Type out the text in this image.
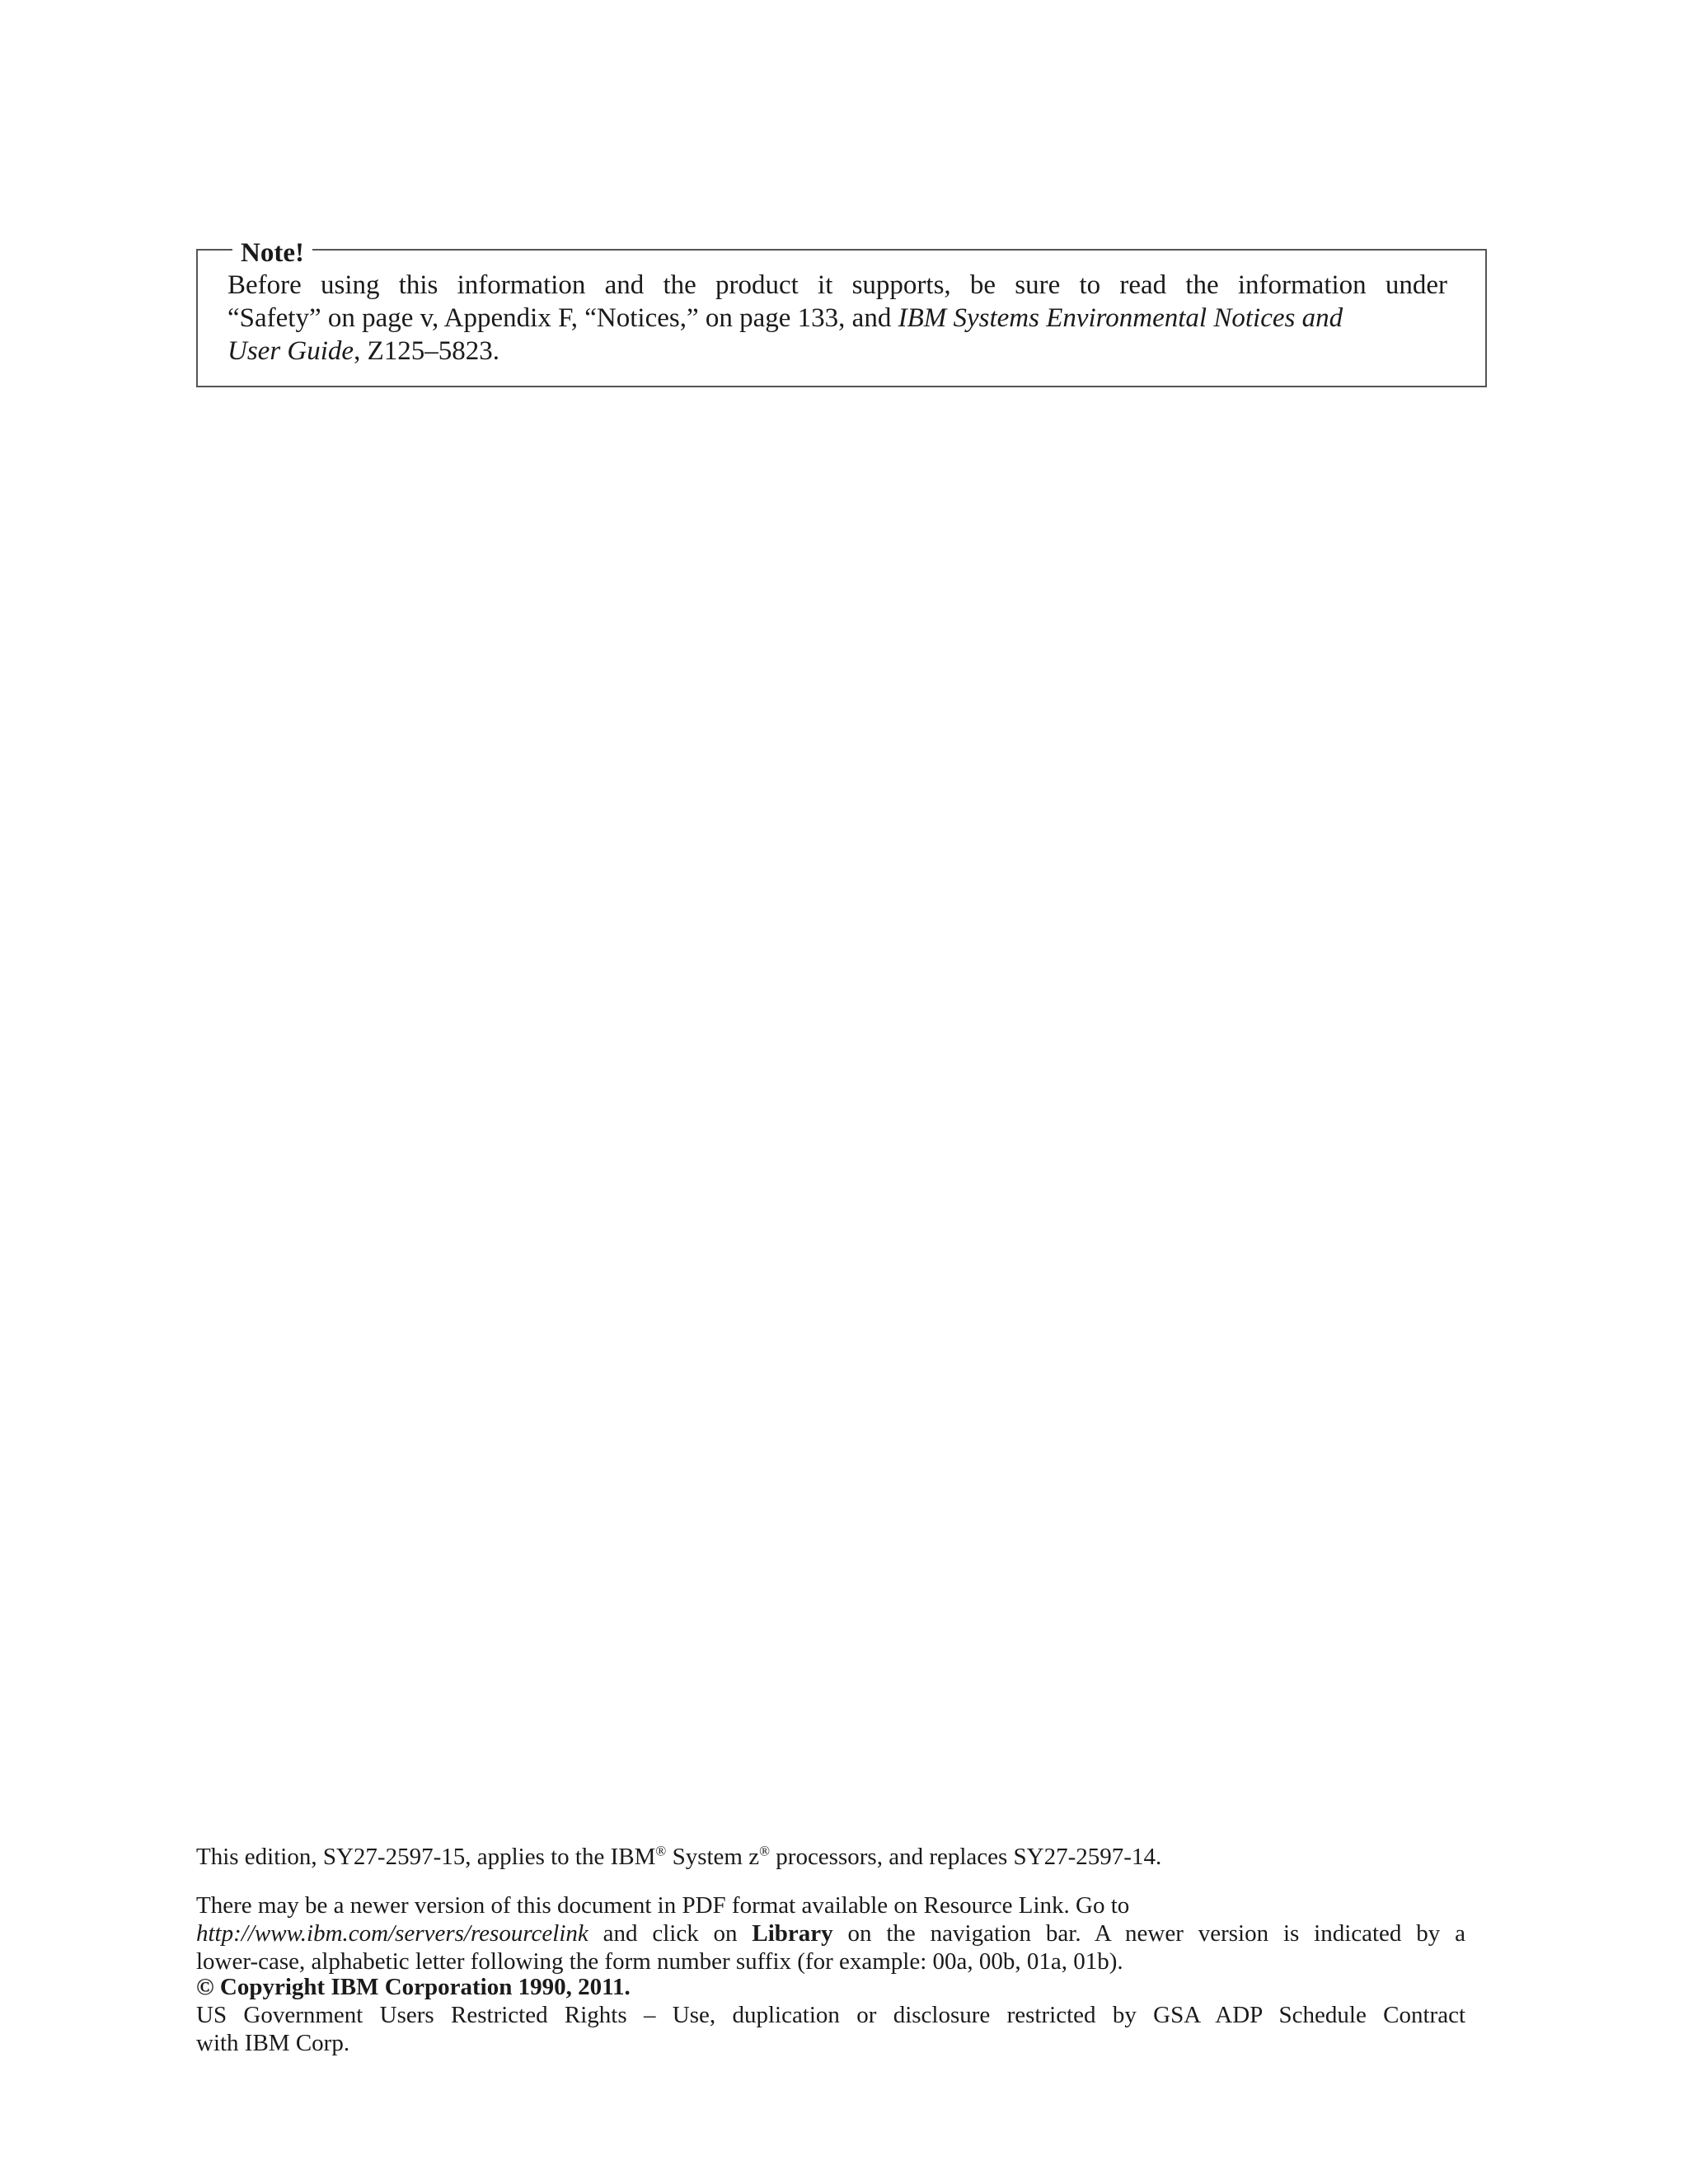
Note!
Before using this information and the product it supports, be sure to read the information under
“Safety” on page v, Appendix F, “Notices,” on page 133, and IBM Systems Environmental Notices and
User Guide, Z125–5823.
This edition, SY27-2597-15, applies to the IBM® System z® processors, and replaces SY27-2597-14.
There may be a newer version of this document in PDF format available on Resource Link. Go to
http://www.ibm.com/servers/resourcelink and click on Library on the navigation bar. A newer version is indicated by a
lower-case, alphabetic letter following the form number suffix (for example: 00a, 00b, 01a, 01b).
© Copyright IBM Corporation 1990, 2011.
US Government Users Restricted Rights – Use, duplication or disclosure restricted by GSA ADP Schedule Contract
with IBM Corp.
